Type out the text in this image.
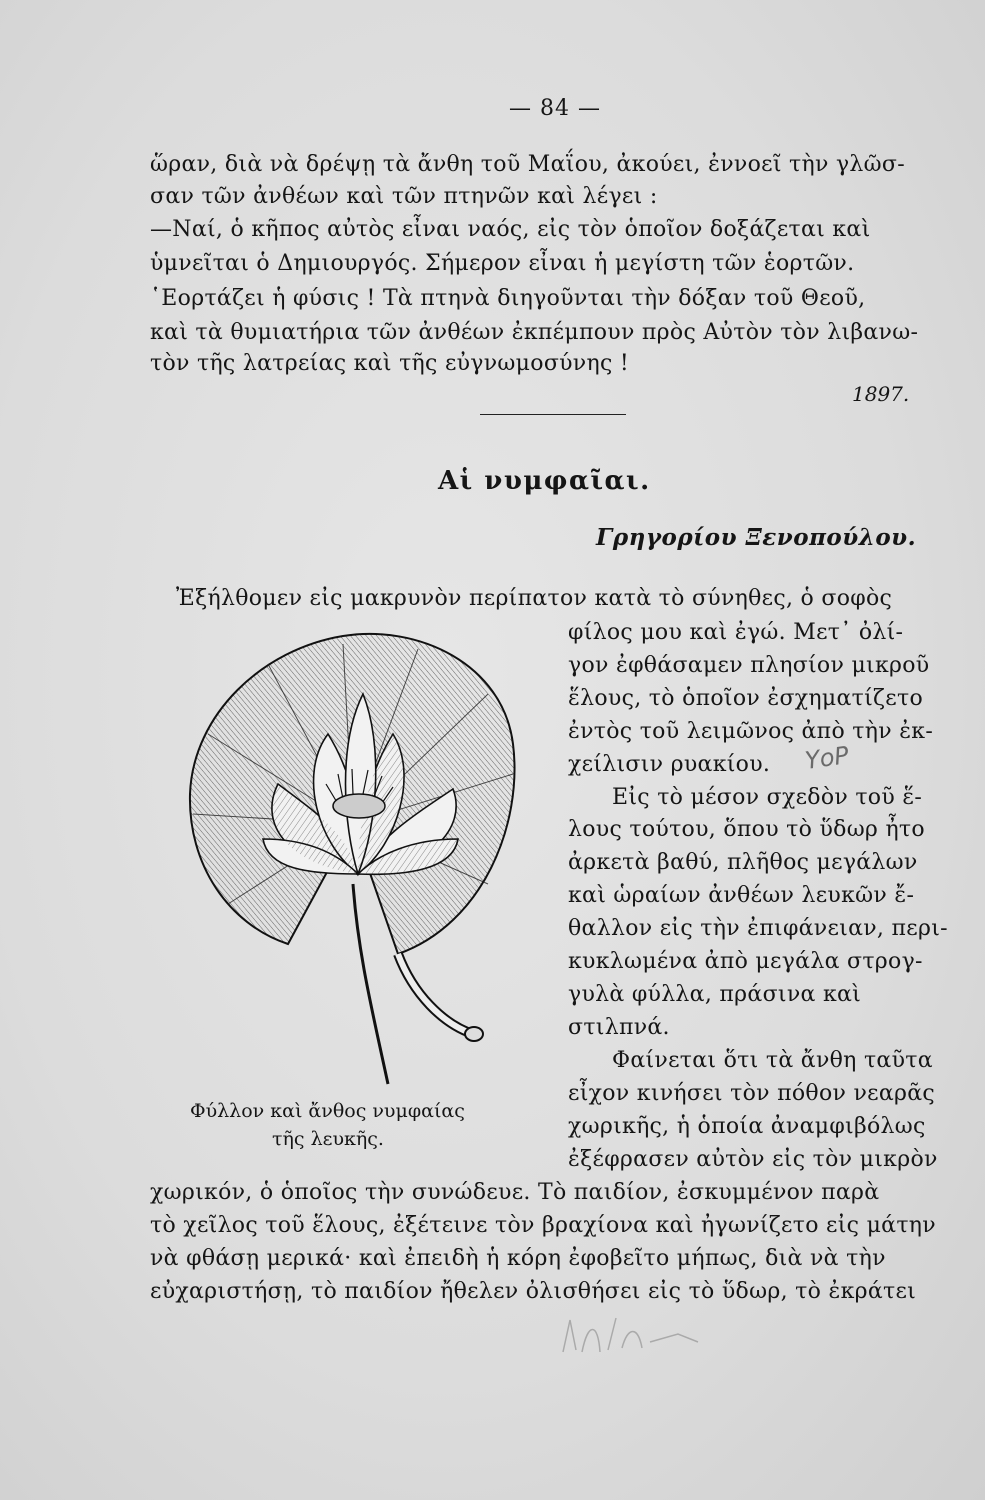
— 84 —
ὥραν, διὰ νὰ δρέψῃ τὰ ἄνθη τοῦ Μαΐου, ἀκούει, ἐννοεῖ τὴν γλῶσ-
σαν τῶν ἀνθέων καὶ τῶν πτηνῶν καὶ λέγει :
—Ναί, ὁ κῆπος αὐτὸς εἶναι ναός, εἰς τὸν ὁποῖον δοξάζεται καὶ
ὑμνεῖται ὁ Δημιουργός. Σήμερον εἶναι ἡ μεγίστη τῶν ἑορτῶν.
῾Εορτάζει ἡ φύσις ! Τὰ πτηνὰ διηγοῦνται τὴν δόξαν τοῦ Θεοῦ,
καὶ τὰ θυμιατήρια τῶν ἀνθέων ἐκπέμπουν πρὸς Αὐτὸν τὸν λιβανω-
τὸν τῆς λατρείας καὶ τῆς εὐγνωμοσύνης !
1897.
Αἱ νυμφαῖαι.
Γρηγορίου Ξενοπούλου.
Ἐξήλθομεν εἰς μακρυνὸν περίπατον κατὰ τὸ σύνηθες, ὁ σοφὸς
φίλος μου καὶ ἐγώ. Μετ᾿ ὀλί-
γον ἐφθάσαμεν πλησίον μικροῦ
ἕλους, τὸ ὁποῖον ἐσχηματίζετο
ἐντὸς τοῦ λειμῶνος ἀπὸ τὴν ἐκ-
χείλισιν ρυακίου.
Εἰς τὸ μέσον σχεδὸν τοῦ ἕ-
λους τούτου, ὅπου τὸ ὕδωρ ἦτο
ἀρκετὰ βαθύ, πλῆθος μεγάλων
καὶ ὡραίων ἀνθέων λευκῶν ἔ-
θαλλον εἰς τὴν ἐπιφάνειαν, περι-
κυκλωμένα ἀπὸ μεγάλα στρογ-
γυλὰ φύλλα, πράσινα καὶ
στιλπνά.
Φαίνεται ὅτι τὰ ἄνθη ταῦτα
εἶχον κινήσει τὸν πόθον νεαρᾶς
χωρικῆς, ἡ ὁποία ἀναμφιβόλως
ἐξέφρασεν αὐτὸν εἰς τὸν μικρὸν
Φύλλον καὶ ἄνθος νυμφαίας
τῆς λευκῆς.
ΥοΡ
χωρικόν, ὁ ὁποῖος τὴν συνώδευε. Τὸ παιδίον, ἐσκυμμένον παρὰ
τὸ χεῖλος τοῦ ἕλους, ἐξέτεινε τὸν βραχίονα καὶ ἠγωνίζετο εἰς μάτην
νὰ φθάσῃ μερικά· καὶ ἐπειδὴ ἡ κόρη ἐφοβεῖτο μήπως, διὰ νὰ τὴν
εὐχαριστήσῃ, τὸ παιδίον ἤθελεν ὀλισθήσει εἰς τὸ ὕδωρ, τὸ ἐκράτει
